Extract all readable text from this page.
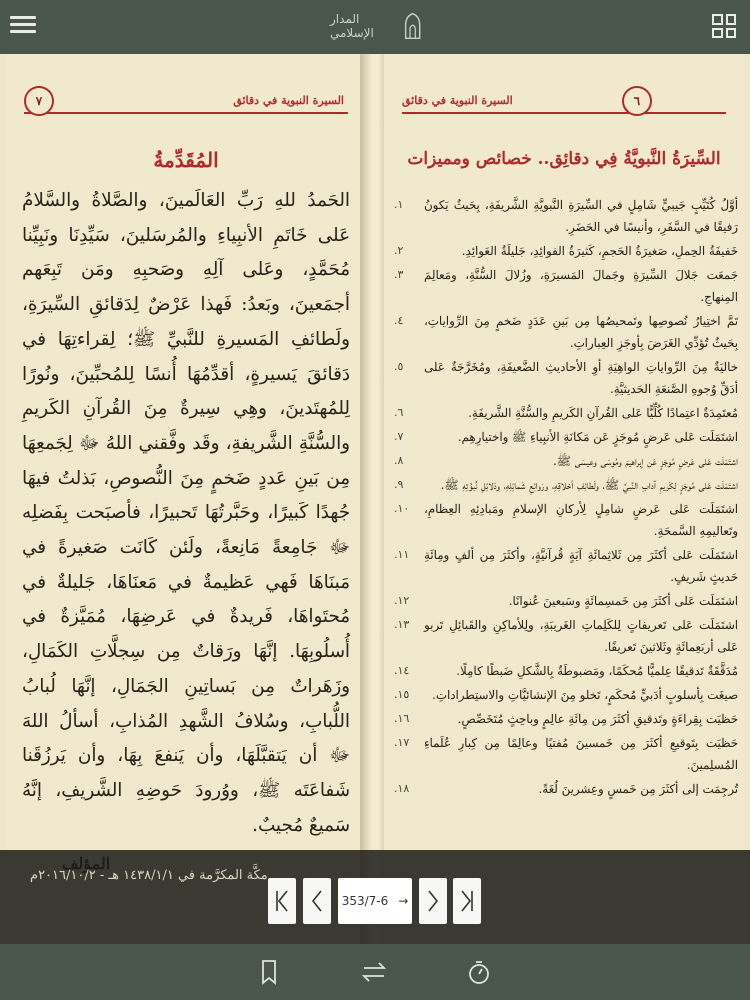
المدار الإسلامي
٧	السيرة النبوية في دقائق
المُقَدِّمةُ
الحَمدُ للهِ رَبِّ العَالَمينَ، والصَّلاةُ والسَّلامُ عَلى خَاتَمِ الأنبِياءِ والمُرسَلينَ، سَيِّدِنَا ونَبِيِّنا مُحَمَّدٍ، وعَلى آلِهِ وصَحبِهِ ومَن تَبِعَهم أجمَعينَ، وبَعدُ: فَهذا عَرْضٌ لِدَقائقِ السِّيرَةِ، ولَطائفِ المَسيرةِ للنَّبيِّ ﷺ؛ لِقراءتِهَا في دَقائقَ يَسيرةٍ، أقدِّمُهَا أُنسًا لِلمُحبِّينَ، ونُورًا لِلمُهتَدينَ، وهِي سِيرةٌ مِنَ القُرآنِ الكَريمِ والسُّنَّةِ الشَّريفةِ، وقَد وفَّقني اللهُ ﷻ لِجَمعِهَا مِن بَينِ عَددٍ ضَخمٍ مِنَ النُّصوصِ، بَذلتُ فيهَا جُهدًا كَبيرًا، وحَبَّرتُهَا تَحبيرًا، فأصبَحت بِفَضلِه ﷻ جَامِعةً مَانِعةً، ولَئن كَانَت صَغيرةً في مَبنَاهَا فَهي عَظيمةٌ في مَعنَاهَا، جَليلةٌ في مُحتَواهَا، فَريدةٌ في عَرضِهَا، مُمَيَّزةٌ في أُسلُوبِهَا. إنَّهَا ورَقاتٌ مِن سِجلَّاتِ الكَمَالِ، وزَهَراتٌ مِن بَساتِينِ الجَمَالِ، إنَّهَا لُبابُ اللُّبابِ، وسُلافُ الشَّهدِ المُذابِ، أسألُ اللهَ ﷻ أن يَتقبَّلَهَا، وأن يَنفعَ بِهَا، وأن يَرزُقَنا شَفاعَتَه ﷺ، ووُرودَ حَوضِهِ الشَّريفِ، إنَّهُ سَميعٌ مُجيبٌ.
٦
السيرة النبوية في دقائق
السِّيرَةُ النَّبويَّةُ فِي دقائِق.. خصائص ومميزات
أوَّلُ كُتَيِّبٍ جَيبيٍّ شَامِلٍ في السِّيرَةِ النَّبويَّةِ الشَّريفَةِ، بِحَيثُ يَكونُ رَفيقًا في السَّفَرِ، وأنيسًا في الحَضَرِ.
١.
خَفيفَةُ الحِملِ، صَغيرَةُ الحَجمِ، كَثيرَةُ الفوائِدِ، جَليلَةُ العَوائِدِ.
٢.
جَمعَت جَلالَ السِّيرَةِ وجَمالَ المَسيرَةِ، وزُلالَ السُّنَّةِ، ومَعالِمَ المِنهاجِ.
٣.
تَمَّ اختِيارُ نُصوصِها وتَمحيصُها مِن بَينِ عَدَدٍ ضَخمٍ مِنَ الرِّواياتِ، بِحَيثُ تُؤدِّي الغَرَضَ بِأوجَزِ العِباراتِ.
٤.
خاليَةٌ مِنَ الرِّواياتِ الواهِيَةِ أوِ الأحاديثِ الضَّعيفَةِ، ومُخَرَّجَةٌ عَلى أدَقِّ وُجوهِ الصَّنعَةِ الحَديثيَّةِ.
٥.
مُعتَمِدَةٌ اعتِمادًا كُلِّيًّا عَلى القُرآنِ الكَريمِ والسُّنَّةِ الشَّريفَةِ.
٦.
اشتَمَلَت عَلى عَرضٍ مُوجَزٍ عَن مَكانَةِ الأنبِياءِ ﷺ واختيارِهِم.
٧.
اشتَمَلَت عَلى عَرضٍ مُوجَزٍ عَن إبراهيمَ ومُوسَى وعيسَى ﷺ.
٨.
اشتَمَلَت عَلى مُوجَزٍ لِكَريمِ آدابِ النَّبيِّ ﷺ، ولَطائِفِ أخلاقِهِ، ورَوائِعِ شَمائِلِهِ، ودَلائِلِ نُبوَّتِهِ ﷺ.
٩.
اشتَمَلَت عَلى عَرضٍ شامِلٍ لِأركانِ الإسلامِ ومَبادِئِهِ العِظامِ، وتَعاليمِهِ السَّمحَةِ.
١٠.
اشتَمَلَت عَلى أكثَرَ مِن ثَلاثِمائَةِ آيَةٍ قُرآنيَّةٍ، وأكثَرَ مِن ألفٍ ومِائَةِ حَديثٍ شَريفٍ.
١١.
اشتَمَلَت عَلى أكثَرَ مِن خَمسِمائَةٍ وسَبعينَ عُنوانًا.
١٢.
اشتَمَلَت عَلى تَعريفاتٍ لِلكَلِماتِ الغَريبَةِ، ولِلأماكِنِ والقَبائِلِ تَربو عَلى أربَعِمائَةٍ وثَلاثينَ تَعريفًا.
١٣.
مُدَقَّقَةٌ تَدقيقًا عِلميًّا مُحكَمًا، ومَضبوطَةٌ بِالشَّكلِ ضَبطًا كامِلًا.
١٤.
صيغَت بِأسلوبٍ أدَبيٍّ مُحكَمٍ، تَخلو مِنَ الإنشائيَّاتِ والاستِطراداتِ.
١٥.
حَظيَت بِقِراءَةٍ وتَدقيقِ أكثَرَ مِن مِائَةِ عالِمٍ وباحِثٍ مُتَخَصِّصٍ.
١٦.
حَظيَت بِتَوقيعِ أكثَرَ مِن خَمسينَ مُفتيًا وعالِمًا مِن كِبارِ عُلَماءِ المُسلِمينَ.
١٧.
تُرجِمَت إلى أكثَرَ مِن خَمسٍ وعِشرينَ لُغَةً.
١٨.
مكَّة المكرَّمة في ١٤٣٨/١/١ هـ - ٢٠١٦/١٠/٢م
353/7-6 →
